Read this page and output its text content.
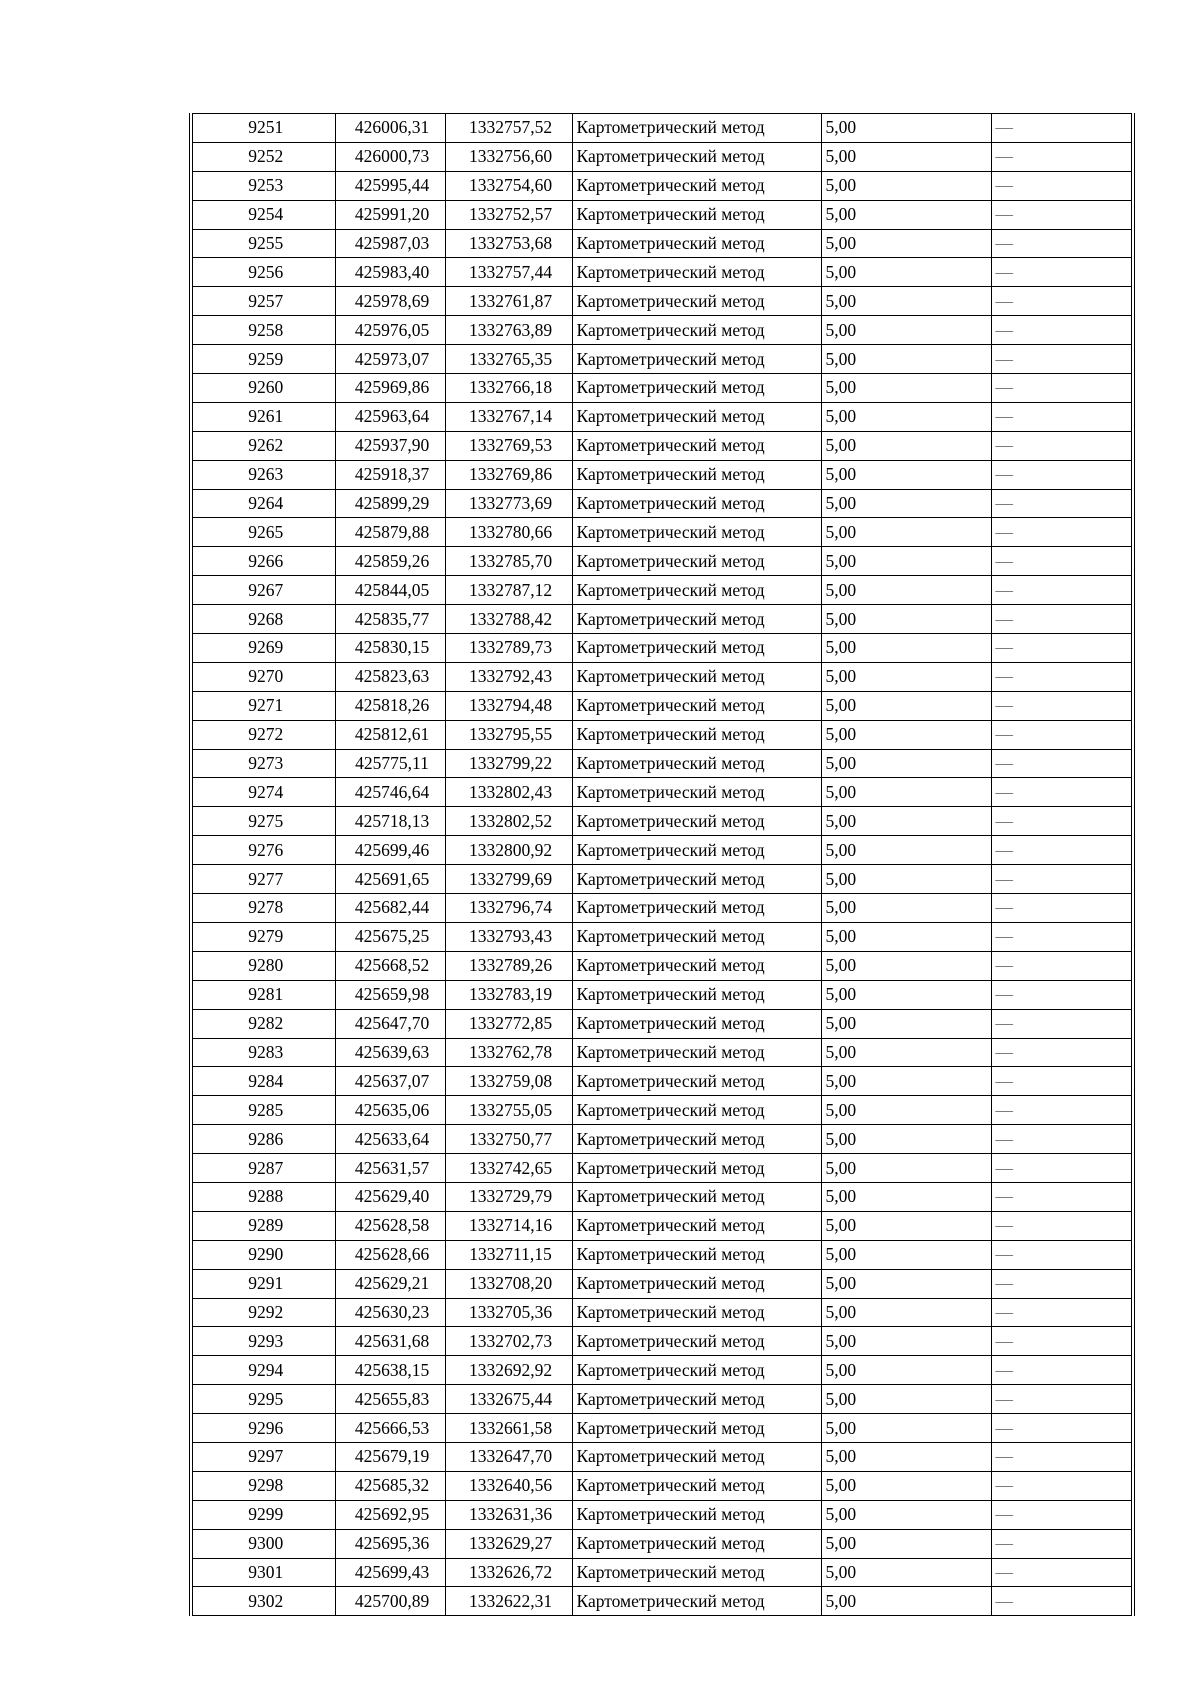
9251	426006,31	1332757,52	Картометрический метод	5,00	—
9252	426000,73	1332756,60	Картометрический метод	5,00	—
9253	425995,44	1332754,60	Картометрический метод	5,00	—
9254	425991,20	1332752,57	Картометрический метод	5,00	—
9255	425987,03	1332753,68	Картометрический метод	5,00	—
9256	425983,40	1332757,44	Картометрический метод	5,00	—
9257	425978,69	1332761,87	Картометрический метод	5,00	—
9258	425976,05	1332763,89	Картометрический метод	5,00	—
9259	425973,07	1332765,35	Картометрический метод	5,00	—
9260	425969,86	1332766,18	Картометрический метод	5,00	—
9261	425963,64	1332767,14	Картометрический метод	5,00	—
9262	425937,90	1332769,53	Картометрический метод	5,00	—
9263	425918,37	1332769,86	Картометрический метод	5,00	—
9264	425899,29	1332773,69	Картометрический метод	5,00	—
9265	425879,88	1332780,66	Картометрический метод	5,00	—
9266	425859,26	1332785,70	Картометрический метод	5,00	—
9267	425844,05	1332787,12	Картометрический метод	5,00	—
9268	425835,77	1332788,42	Картометрический метод	5,00	—
9269	425830,15	1332789,73	Картометрический метод	5,00	—
9270	425823,63	1332792,43	Картометрический метод	5,00	—
9271	425818,26	1332794,48	Картометрический метод	5,00	—
9272	425812,61	1332795,55	Картометрический метод	5,00	—
9273	425775,11	1332799,22	Картометрический метод	5,00	—
9274	425746,64	1332802,43	Картометрический метод	5,00	—
9275	425718,13	1332802,52	Картометрический метод	5,00	—
9276	425699,46	1332800,92	Картометрический метод	5,00	—
9277	425691,65	1332799,69	Картометрический метод	5,00	—
9278	425682,44	1332796,74	Картометрический метод	5,00	—
9279	425675,25	1332793,43	Картометрический метод	5,00	—
9280	425668,52	1332789,26	Картометрический метод	5,00	—
9281	425659,98	1332783,19	Картометрический метод	5,00	—
9282	425647,70	1332772,85	Картометрический метод	5,00	—
9283	425639,63	1332762,78	Картометрический метод	5,00	—
9284	425637,07	1332759,08	Картометрический метод	5,00	—
9285	425635,06	1332755,05	Картометрический метод	5,00	—
9286	425633,64	1332750,77	Картометрический метод	5,00	—
9287	425631,57	1332742,65	Картометрический метод	5,00	—
9288	425629,40	1332729,79	Картометрический метод	5,00	—
9289	425628,58	1332714,16	Картометрический метод	5,00	—
9290	425628,66	1332711,15	Картометрический метод	5,00	—
9291	425629,21	1332708,20	Картометрический метод	5,00	—
9292	425630,23	1332705,36	Картометрический метод	5,00	—
9293	425631,68	1332702,73	Картометрический метод	5,00	—
9294	425638,15	1332692,92	Картометрический метод	5,00	—
9295	425655,83	1332675,44	Картометрический метод	5,00	—
9296	425666,53	1332661,58	Картометрический метод	5,00	—
9297	425679,19	1332647,70	Картометрический метод	5,00	—
9298	425685,32	1332640,56	Картометрический метод	5,00	—
9299	425692,95	1332631,36	Картометрический метод	5,00	—
9300	425695,36	1332629,27	Картометрический метод	5,00	—
9301	425699,43	1332626,72	Картометрический метод	5,00	—
9302	425700,89	1332622,31	Картометрический метод	5,00	—
